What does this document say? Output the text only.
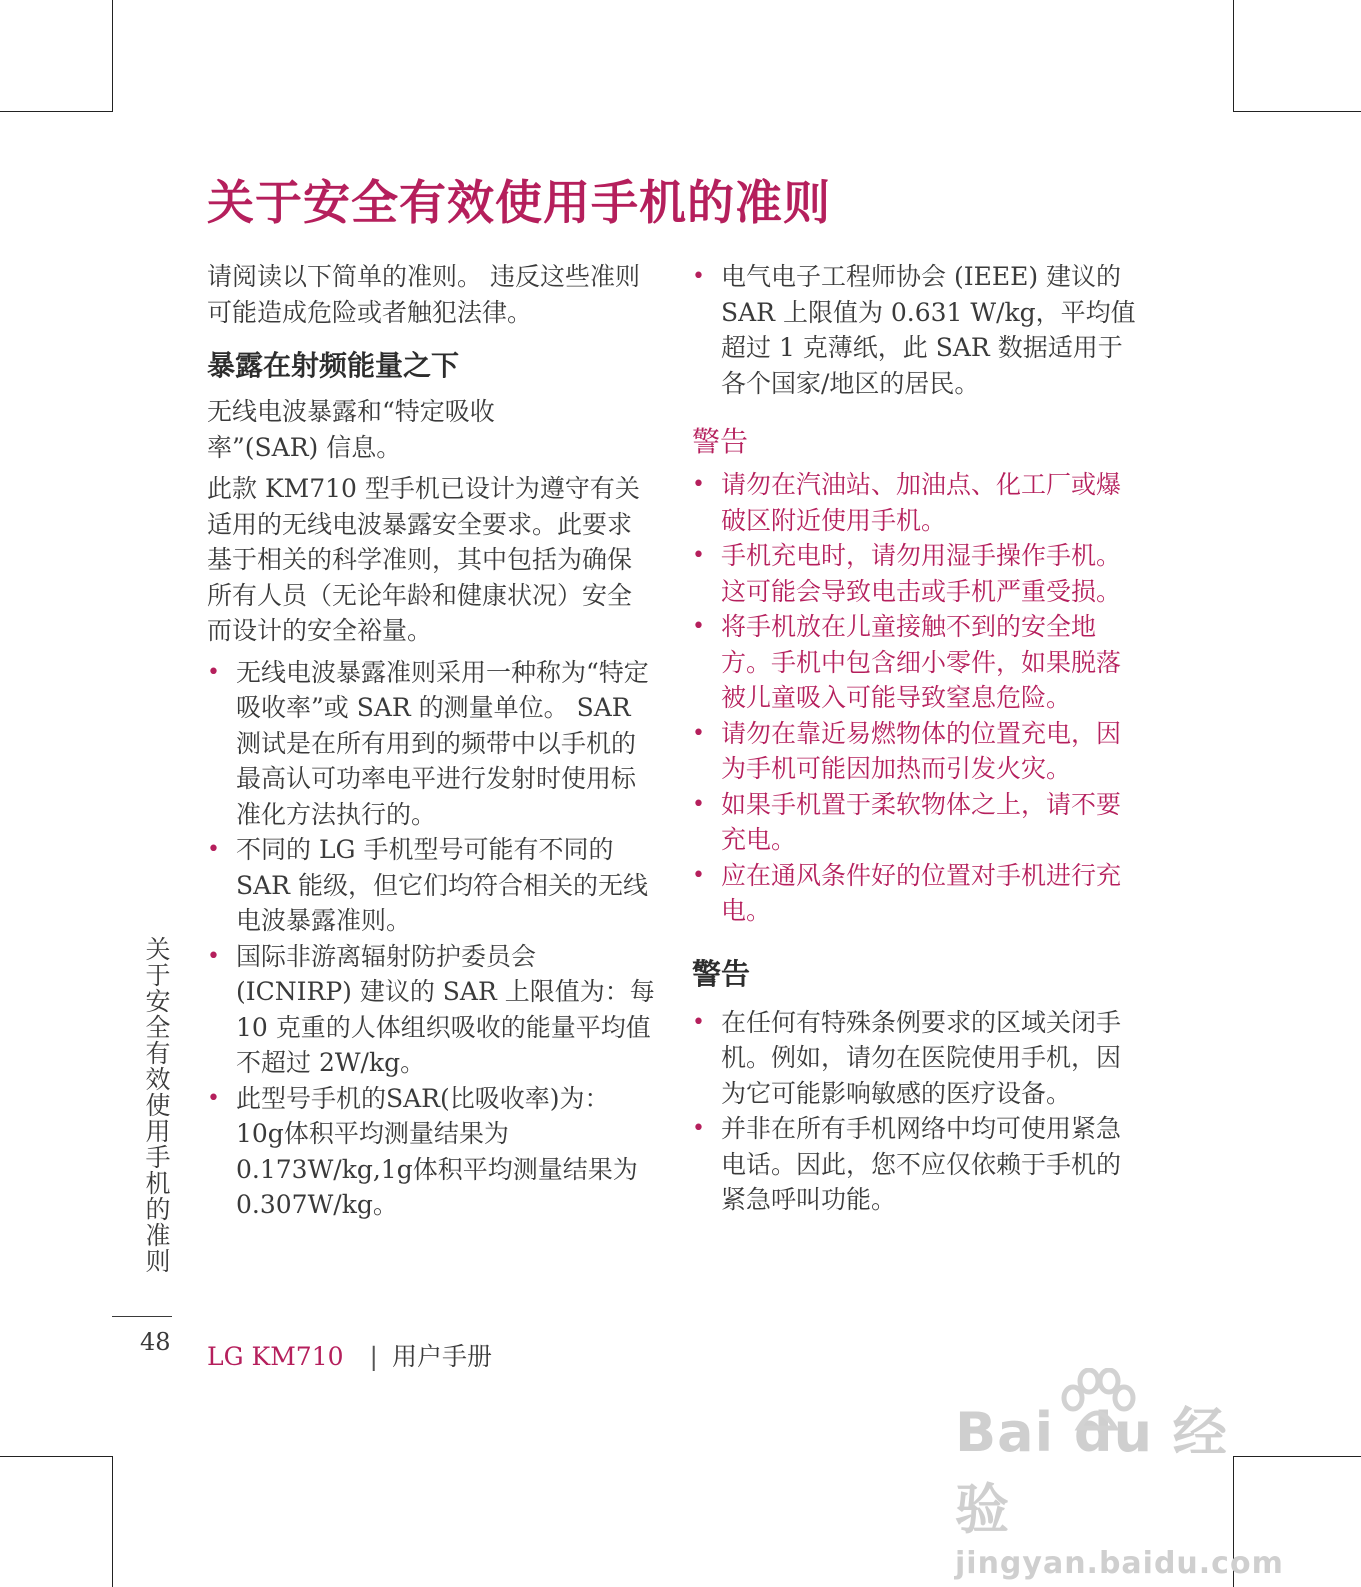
关于安全有效使用手机的准则

请阅读以下简单的准则。 违反这些准则可能造成危险或者触犯法律。

暴露在射频能量之下

无线电波暴露和“特定吸收率”(SAR) 信息。

此款 KM710 型手机已设计为遵守有关适用的无线电波暴露安全要求。此要求基于相关的科学准则，其中包括为确保所有人员（无论年龄和健康状况）安全而设计的安全裕量。

• 无线电波暴露准则采用一种称为“特定吸收率”或 SAR 的测量单位。 SAR 测试是在所有用到的频带中以手机的最高认可功率电平进行发射时使用标准化方法执行的。
• 不同的 LG 手机型号可能有不同的 SAR 能级，但它们均符合相关的无线电波暴露准则。
• 国际非游离辐射防护委员会 (ICNIRP) 建议的 SAR 上限值为：每 10 克重的人体组织吸收的能量平均值不超过 2W/kg。
• 此型号手机的SAR(比吸收率)为：10g体积平均测量结果为0.173W/kg,1g体积平均测量结果为0.307W/kg。
• 电气电子工程师协会 (IEEE) 建议的 SAR 上限值为 0.631 W/kg，平均值超过 1 克薄纸，此 SAR 数据适用于各个国家/地区的居民。
警告
• 请勿在汽油站、加油点、化工厂或爆破区附近使用手机。
• 手机充电时，请勿用湿手操作手机。 这可能会导致电击或手机严重受损。
• 将手机放在儿童接触不到的安全地方。手机中包含细小零件，如果脱落被儿童吸入可能导致窒息危险。
• 请勿在靠近易燃物体的位置充电，因为手机可能因加热而引发火灾。
• 如果手机置于柔软物体之上，请不要充电。
• 应在通风条件好的位置对手机进行充电。
警告
• 在任何有特殊条例要求的区域关闭手机。例如，请勿在医院使用手机，因为它可能影响敏感的医疗设备。
• 并非在所有手机网络中均可使用紧急电话。因此，您不应仅依赖于手机的紧急呼叫功能。
关于安全有效使用手机的准则
48 LG KM710 | 用户手册
Bai du 经验
jingyan.baidu.com
